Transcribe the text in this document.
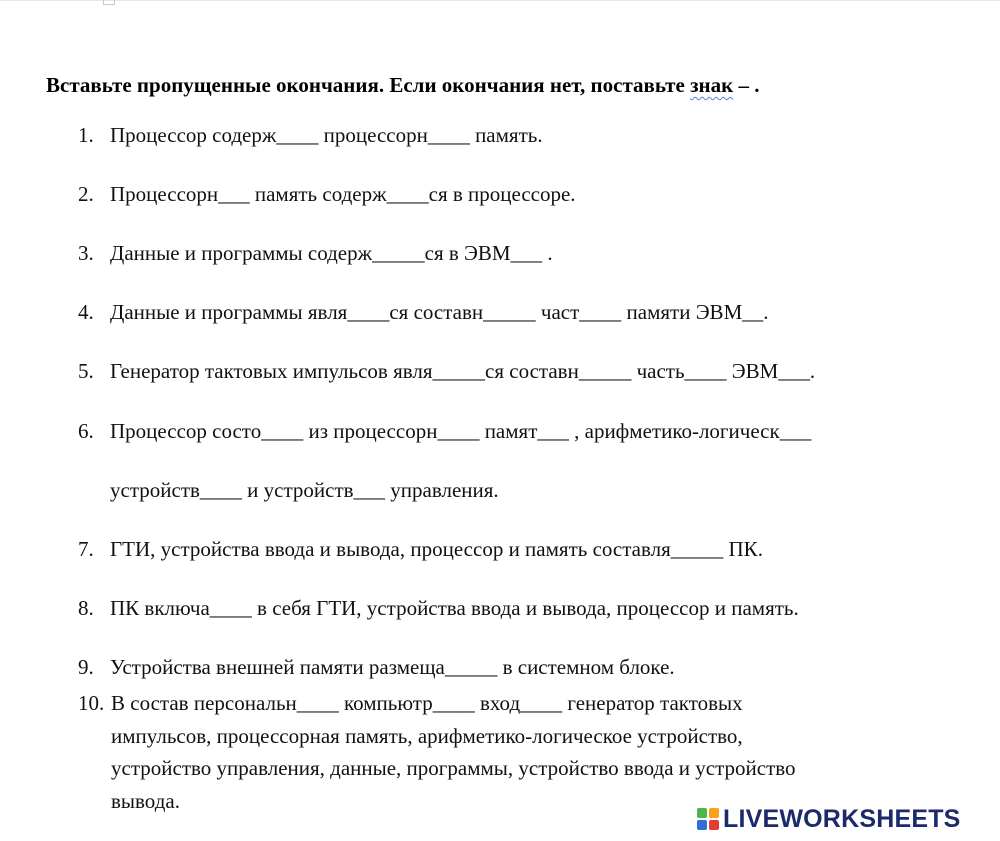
Вставьте пропущенные окончания. Если окончания нет, поставьте знак – .
1. Процессор содерж____ процессорн____ память.
2. Процессорн___ память содерж____ся в процессоре.
3. Данные и программы содерж_____ся в ЭВМ___ .
4. Данные и программы явля____ся составн_____ част____ памяти ЭВМ__.
5. Генератор тактовых импульсов явля_____ся составн_____ часть____ ЭВМ___.
6. Процессор состо____ из процессорн____ памят___ , арифметико-логическ___
устройств____ и устройств___ управления.
7. ГТИ, устройства ввода и вывода, процессор и память составля_____ ПК.
8. ПК включа____ в себя ГТИ, устройства ввода и вывода, процессор и память.
9. Устройства внешней памяти размеща_____ в системном блоке.
10. В состав персональн____ компьютр____ вход____ генератор тактовых
импульсов, процессорная память, арифметико-логическое устройство,
устройство управления, данные, программы, устройство ввода и устройство
вывода.
LIVEWORKSHEETS
